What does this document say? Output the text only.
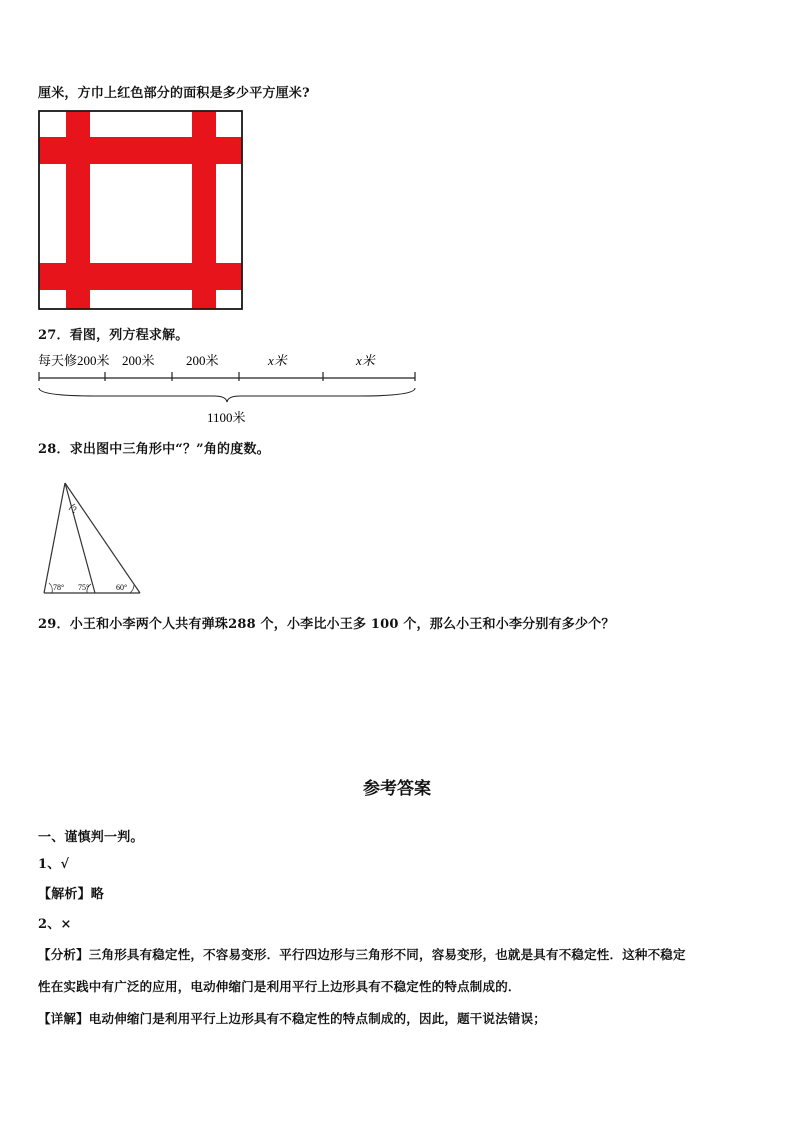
厘米，方巾上红色部分的面积是多少平方厘米?
27．看图，列方程求解。
每天修200米 200米 200米	x米	x米
1100米
28．求出图中三角形中“？”角的度数。
?
78° 75°	60°
29．小王和小李两个人共有弹珠288 个，小李比小王多 100 个，那么小王和小李分别有多少个？
参考答案
一、谨慎判一判。
1、√
【解析】略
2、×
【分析】三角形具有稳定性，不容易变形．平行四边形与三角形不同，容易变形，也就是具有不稳定性．这种不稳定
性在实践中有广泛的应用，电动伸缩门是利用平行上边形具有不稳定性的特点制成的．
【详解】电动伸缩门是利用平行上边形具有不稳定性的特点制成的，因此，题干说法错误；
